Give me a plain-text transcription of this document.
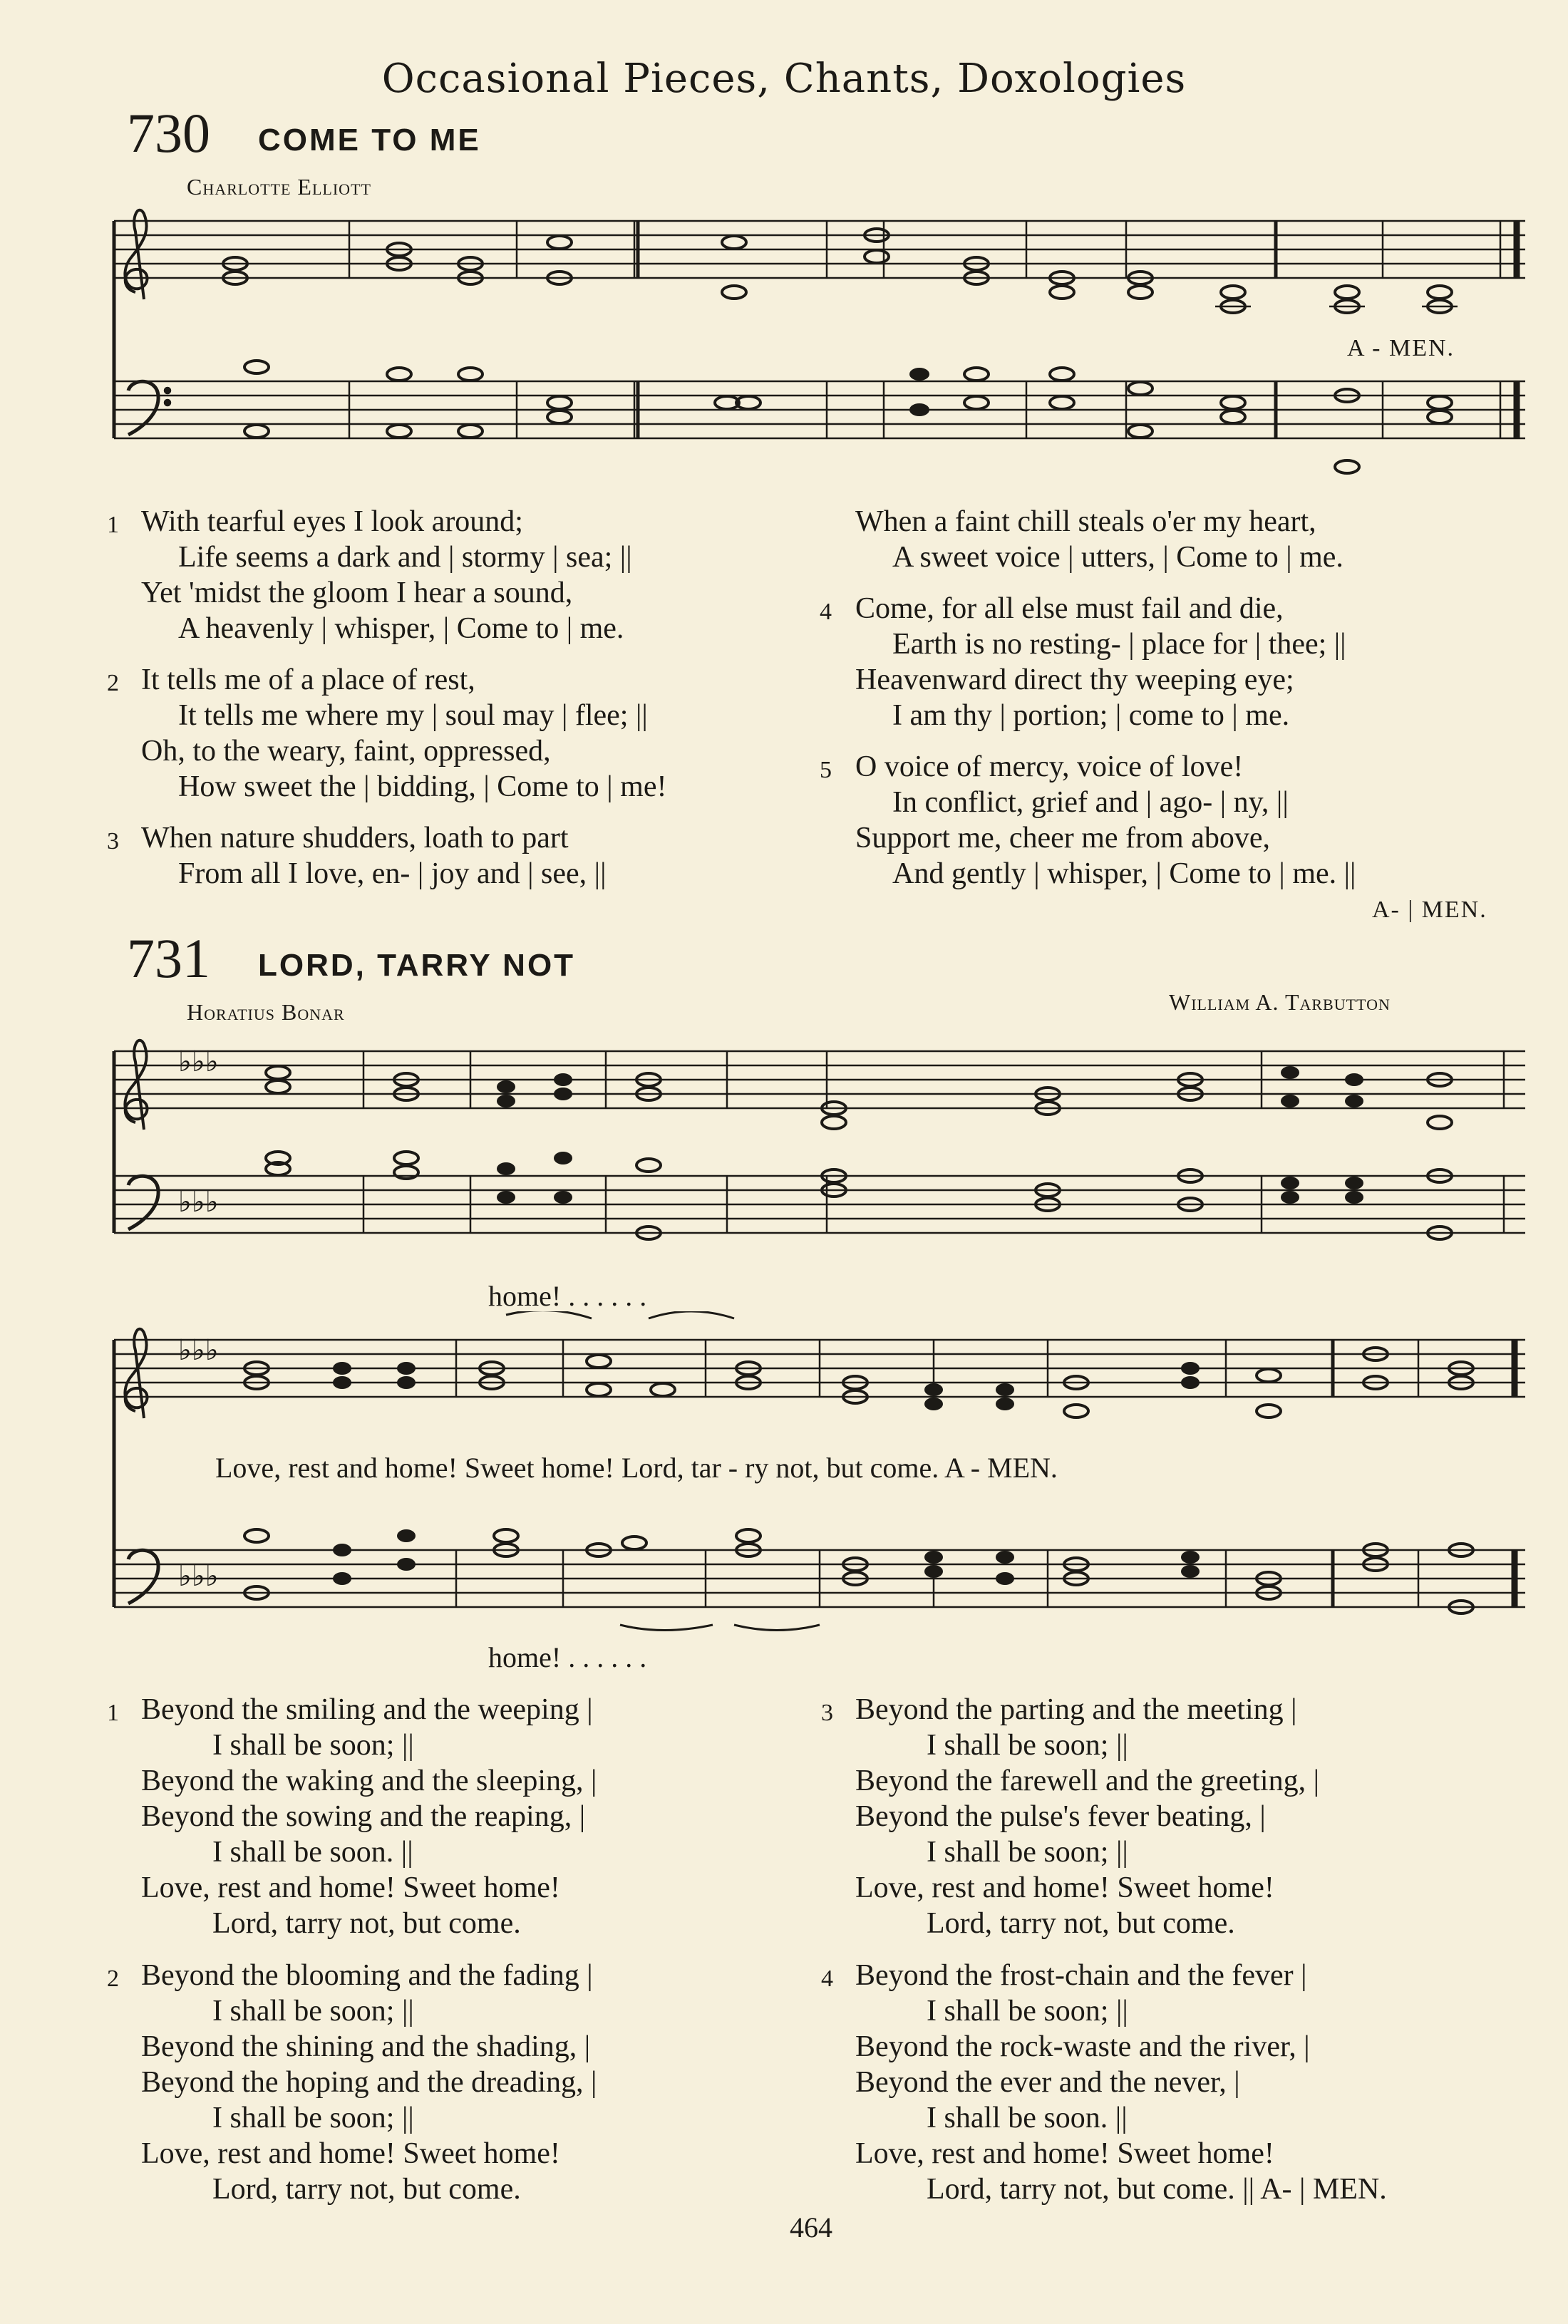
Occasional Pieces, Chants, Doxologies
730 COME TO ME
Charlotte Elliott
A - MEN.
1 With tearful eyes I look around;
Life seems a dark and | stormy | sea; ||
Yet 'midst the gloom I hear a sound,
A heavenly | whisper, | Come to | me.
2 It tells me of a place of rest,
It tells me where my | soul may | flee; ||
Oh, to the weary, faint, oppressed,
How sweet the | bidding, | Come to | me!
3 When nature shudders, loath to part
From all I love, en- | joy and | see, ||
When a faint chill steals o'er my heart,
A sweet voice | utters, | Come to | me.
4 Come, for all else must fail and die,
Earth is no resting- | place for | thee; ||
Heavenward direct thy weeping eye;
I am thy | portion; | come to | me.
5 O voice of mercy, voice of love!
In conflict, grief and | ago- | ny, ||
Support me, cheer me from above,
And gently | whisper, | Come to | me. ||
A- | MEN.
731 LORD, TARRY NOT
Horatius Bonar	William A. Tarbutton
♭♭♭
♭♭♭
home! . . . . . .
♭♭♭
♭♭♭
Love, rest and home! Sweet home! Lord, tar - ry not, but come. A - MEN.
home! . . . . . .
1 Beyond the smiling and the weeping |
I shall be soon; ||
Beyond the waking and the sleeping, |
Beyond the sowing and the reaping, |
I shall be soon. ||
Love, rest and home! Sweet home!
Lord, tarry not, but come.
2 Beyond the blooming and the fading |
I shall be soon; ||
Beyond the shining and the shading, |
Beyond the hoping and the dreading, |
I shall be soon; ||
Love, rest and home! Sweet home!
Lord, tarry not, but come.
3 Beyond the parting and the meeting |
I shall be soon; ||
Beyond the farewell and the greeting, |
Beyond the pulse's fever beating, |
I shall be soon; ||
Love, rest and home! Sweet home!
Lord, tarry not, but come.
4 Beyond the frost-chain and the fever |
I shall be soon; ||
Beyond the rock-waste and the river, |
Beyond the ever and the never, |
I shall be soon. ||
Love, rest and home! Sweet home!
Lord, tarry not, but come. || A- | MEN.
464
